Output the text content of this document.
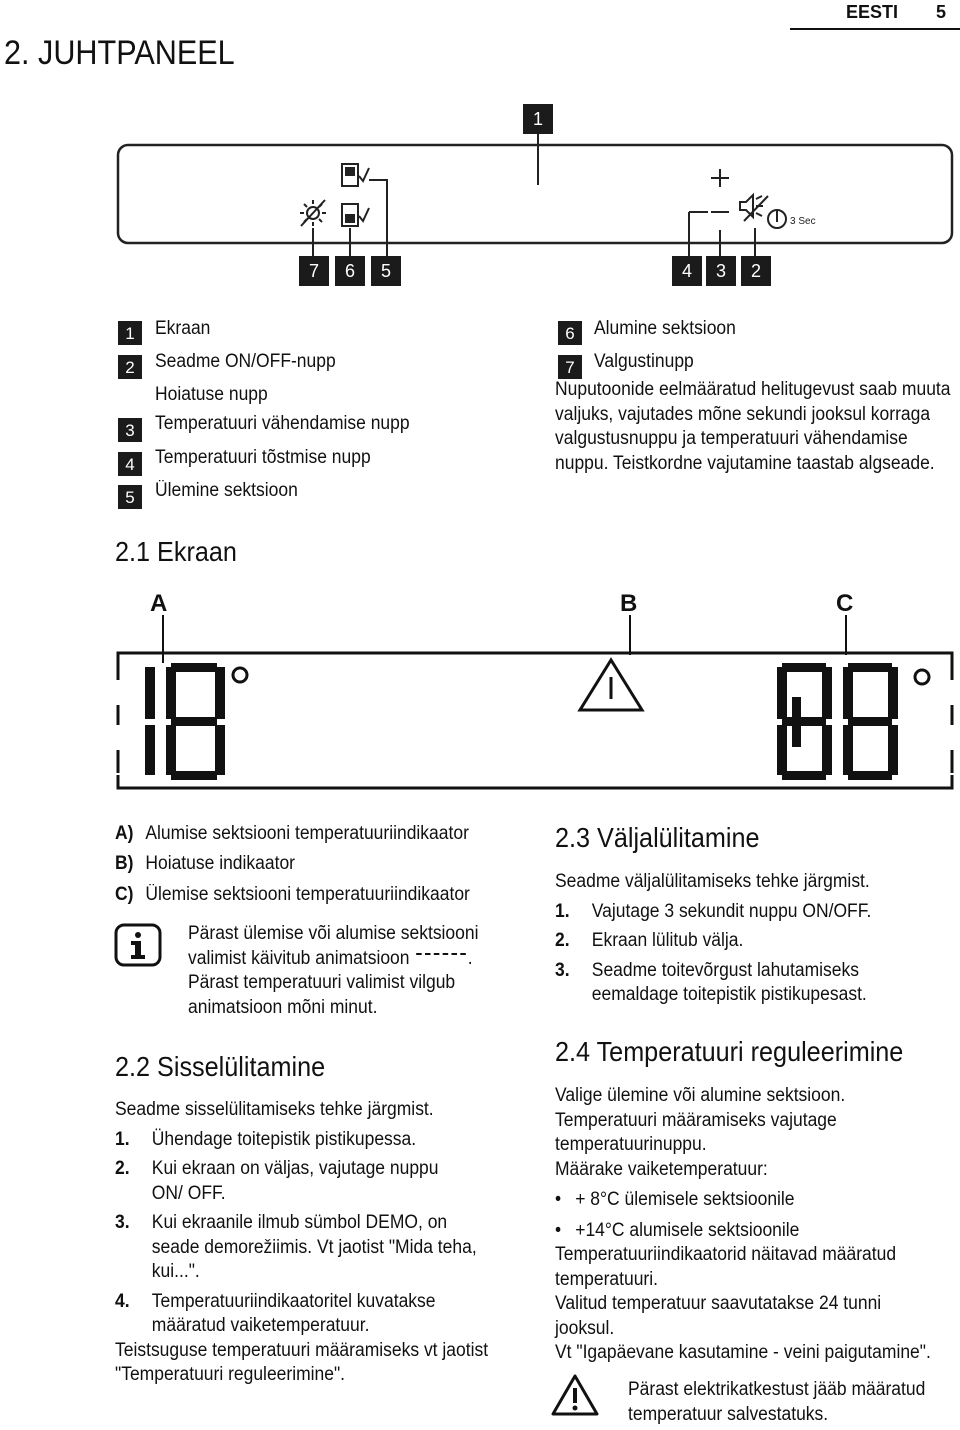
EESTI 5
2. JUHTPANEEL
3 Sec
1
7	6	5	4	3	2
1	Ekraan
2	Seadme ON/OFF-nupp
Hoiatuse nupp
3	Temperatuuri vähendamise nupp
4	Temperatuuri tõstmise nupp
5	Ülemine sektsioon
6	Alumine sektsioon
7	Valgustinupp
Nuputoonide eelmääratud helitugevust saab muuta valjuks, vajutades mõne sekundi jooksul korraga valgustusnuppu ja temperatuuri vähendamise nuppu. Teistkordne vajutamine taastab algseade.
2.1 Ekraan
A	B	C
A) Alumise sektsiooni temperatuuriindikaator
B) Hoiatuse indikaator
C) Ülemise sektsiooni temperatuuriindikaator
Pärast ülemise või alumise sektsiooni valimist käivitub animatsioon	. Pärast temperatuuri valimist vilgub animatsioon mõni minut.
2.2 Sisselülitamine
Seadme sisselülitamiseks tehke järgmist.
1.	Ühendage toitepistik pistikupessa.
2.	Kui ekraan on väljas, vajutage nuppu ON/ OFF.
3.	Kui ekraanile ilmub sümbol DEMO, on seade demorežiimis. Vt jaotist "Mida teha, kui...".
4.	Temperatuuriindikaatoritel kuvatakse määratud vaiketemperatuur.
Teistsuguse temperatuuri määramiseks vt jaotist "Temperatuuri reguleerimine".
2.3 Väljalülitamine
Seadme väljalülitamiseks tehke järgmist.
1.	Vajutage 3 sekundit nuppu ON/OFF.
2.	Ekraan lülitub välja.
3.	Seadme toitevõrgust lahutamiseks eemaldage toitepistik pistikupesast.
2.4 Temperatuuri reguleerimine
Valige ülemine või alumine sektsioon.
Temperatuuri määramiseks vajutage temperatuurinuppu.
Määrake vaiketemperatuur:
• + 8°C ülemisele sektsioonile
• +14°C alumisele sektsioonile
Temperatuuriindikaatorid näitavad määratud temperatuuri.
Valitud temperatuur saavutatakse 24 tunni jooksul.
Vt "Igapäevane kasutamine - veini paigutamine".
Pärast elektrikatkestust jääb määratud temperatuur salvestatuks.
